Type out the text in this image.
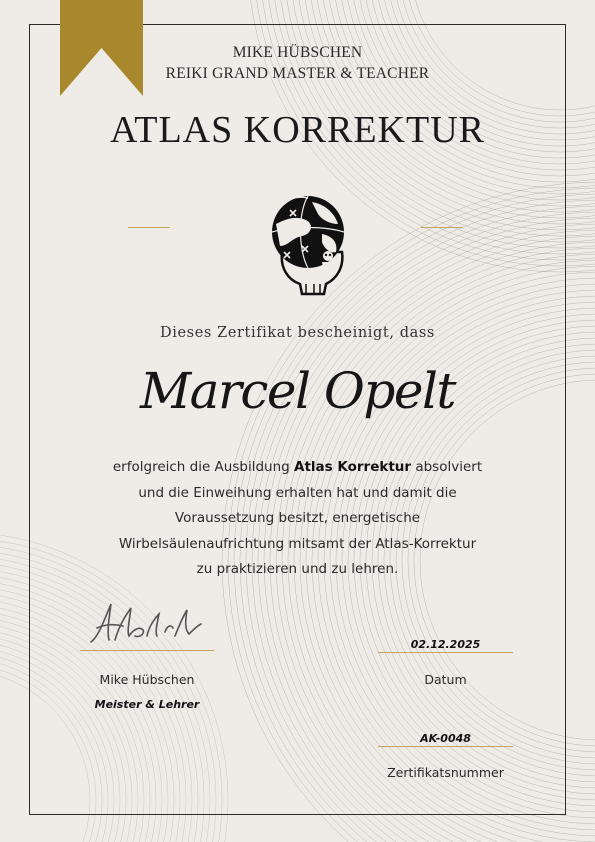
MIKE HÜBSCHEN
REIKI GRAND MASTER & TEACHER
ATLAS KORREKTUR
Dieses Zertifikat bescheinigt, dass
Marcel Opelt
erfolgreich die Ausbildung Atlas Korrektur absolviert
und die Einweihung erhalten hat und damit die
Voraussetzung besitzt, energetische
Wirbelsäulenaufrichtung mitsamt der Atlas-Korrektur
zu praktizieren und zu lehren.
Mike Hübschen
Meister & Lehrer
02.12.2025
Datum
AK-0048
Zertifikatsnummer
